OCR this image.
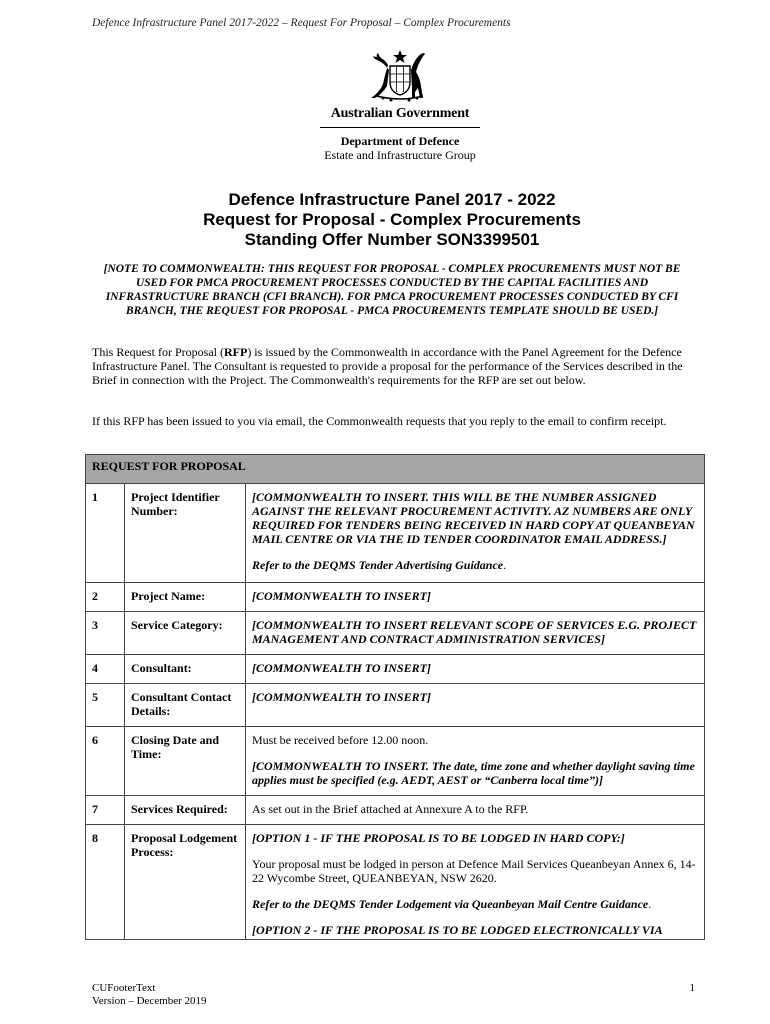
Defence Infrastructure Panel 2017-2022 – Request For Proposal – Complex Procurements
Australian Government
Department of Defence
Estate and Infrastructure Group
Defence Infrastructure Panel 2017 - 2022
Request for Proposal - Complex Procurements
Standing Offer Number SON3399501
[NOTE TO COMMONWEALTH: THIS REQUEST FOR PROPOSAL - COMPLEX PROCUREMENTS MUST NOT BE USED FOR PMCA PROCUREMENT PROCESSES CONDUCTED BY THE CAPITAL FACILITIES AND INFRASTRUCTURE BRANCH (CFI BRANCH). FOR PMCA PROCUREMENT PROCESSES CONDUCTED BY CFI BRANCH, THE REQUEST FOR PROPOSAL - PMCA PROCUREMENTS TEMPLATE SHOULD BE USED.]
This Request for Proposal (RFP) is issued by the Commonwealth in accordance with the Panel Agreement for the Defence Infrastructure Panel. The Consultant is requested to provide a proposal for the performance of the Services described in the Brief in connection with the Project. The Commonwealth's requirements for the RFP are set out below.
If this RFP has been issued to you via email, the Commonwealth requests that you reply to the email to confirm receipt.
REQUEST FOR PROPOSAL		
1	Project Identifier Number:	[COMMONWEALTH TO INSERT. THIS WILL BE THE NUMBER ASSIGNED AGAINST THE RELEVANT PROCUREMENT ACTIVITY. AZ NUMBERS ARE ONLY REQUIRED FOR TENDERS BEING RECEIVED IN HARD COPY AT QUEANBEYAN MAIL CENTRE OR VIA THE ID TENDER COORDINATOR EMAIL ADDRESS.]
Refer to the DEQMS Tender Advertising Guidance.

2	Project Name:	[COMMONWEALTH TO INSERT]
3	Service Category:	[COMMONWEALTH TO INSERT RELEVANT SCOPE OF SERVICES E.G. PROJECT MANAGEMENT AND CONTRACT ADMINISTRATION SERVICES]
4	Consultant:	[COMMONWEALTH TO INSERT]
5	Consultant Contact Details:	[COMMONWEALTH TO INSERT]
6	Closing Date and Time:	Must be received before 12.00 noon.
[COMMONWEALTH TO INSERT. The date, time zone and whether daylight saving time applies must be specified (e.g. AEDT, AEST or “Canberra local time”)]

7	Services Required:	As set out in the Brief attached at Annexure A to the RFP.
8	Proposal Lodgement Process:	[OPTION 1 - IF THE PROPOSAL IS TO BE LODGED IN HARD COPY:]
Your proposal must be lodged in person at Defence Mail Services Queanbeyan Annex 6, 14-22 Wycombe Street, QUEANBEYAN, NSW 2620.
Refer to the DEQMS Tender Lodgement via Queanbeyan Mail Centre Guidance.
[OPTION 2 - IF THE PROPOSAL IS TO BE LODGED ELECTRONICALLY VIA
CUFooterText
Version – December 2019
1
